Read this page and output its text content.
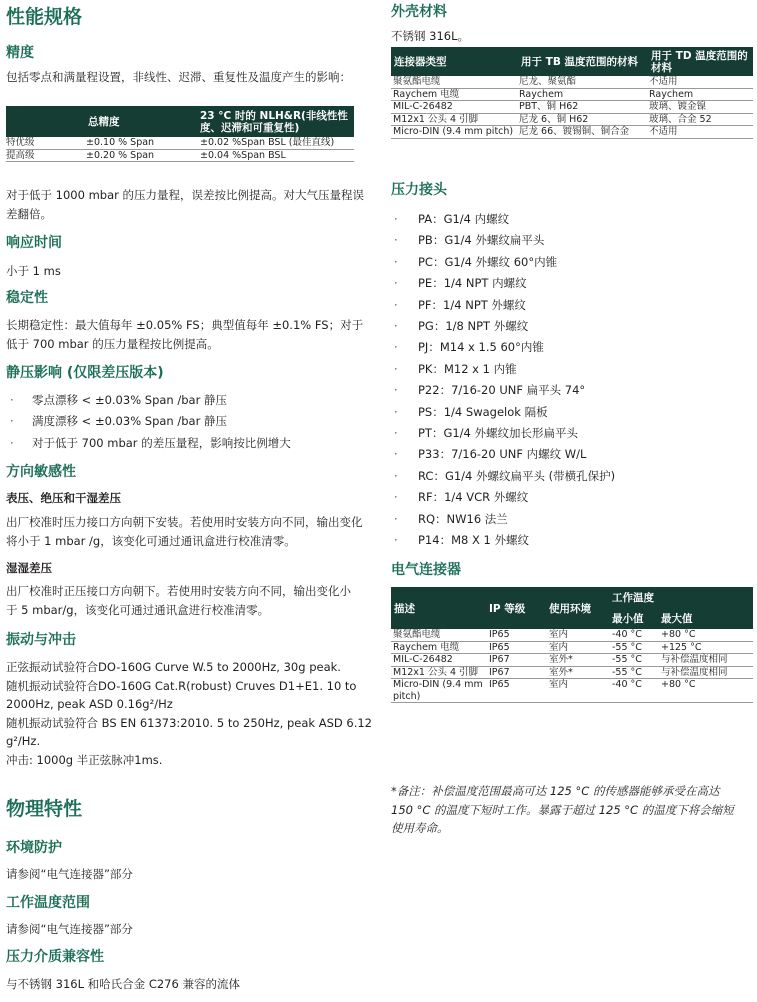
性能规格
精度
包括零点和满量程设置，非线性、迟滞、重复性及温度产生的影响：
	总精度	23 °C 时的 NLH&R(非线性性度、迟滞和可重复性)
特优级	±0.10 % Span	±0.02 %Span BSL (最佳直线)
提高级	±0.20 % Span	±0.04 %Span BSL
对于低于 1000 mbar 的压力量程，误差按比例提高。对大气压量程误差翻倍。
响应时间
小于 1 ms
稳定性
长期稳定性：最大值每年 ±0.05% FS；典型值每年 ±0.1% FS；对于低于 700 mbar 的压力量程按比例提高。
静压影响 (仅限差压版本)
· 零点漂移 < ±0.03% Span /bar 静压
· 满度漂移 < ±0.03% Span /bar 静压
· 对于低于 700 mbar 的差压量程，影响按比例增大
方向敏感性
表压、绝压和干湿差压
出厂校准时压力接口方向朝下安装。若使用时安装方向不同，输出变化将小于 1 mbar /g，该变化可通过通讯盒进行校准清零。
湿湿差压
出厂校准时正压接口方向朝下。若使用时安装方向不同，输出变化小于 5 mbar/g，该变化可通过通讯盒进行校准清零。
振动与冲击
正弦振动试验符合DO-160G Curve W.5 to 2000Hz, 30g peak.
随机振动试验符合DO-160G Cat.R(robust) Cruves D1+E1. 10 to 2000Hz, peak ASD 0.16g²/Hz
随机振动试验符合 BS EN 61373:2010. 5 to 250Hz, peak ASD 6.12 g²/Hz.
冲击: 1000g 半正弦脉冲1ms.
物理特性
环境防护
请参阅“电气连接器”部分
工作温度范围
请参阅“电气连接器”部分
压力介质兼容性
与不锈钢 316L 和哈氏合金 C276 兼容的流体
外壳材料
不锈钢 316L。
连接器类型	用于 TB 温度范围的材料	用于 TD 温度范围的材料
聚氨酯电缆	尼龙、聚氨酯	不适用
Raychem 电缆	Raychem	Raychem
MIL-C-26482	PBT、铜 H62	玻璃、镀金镍
M12x1 公头 4 引脚	尼龙 6、铜 H62	玻璃、合金 52
Micro-DIN (9.4 mm pitch)	尼龙 66、镀锡铜、铜合金	不适用
压力接头
· PA：G1/4 内螺纹
· PB：G1/4 外螺纹扁平头
· PC：G1/4 外螺纹 60°内锥
· PE：1/4 NPT 内螺纹
· PF：1/4 NPT 外螺纹
· PG：1/8 NPT 外螺纹
· PJ：M14 x 1.5 60°内锥
· PK：M12 x 1 内锥
· P22：7/16-20 UNF 扁平头 74°
· PS：1/4 Swagelok 隔板
· PT：G1/4 外螺纹加长形扁平头
· P33：7/16-20 UNF 内螺纹 W/L
· RC：G1/4 外螺纹扁平头 (带横孔保护)
· RF：1/4 VCR 外螺纹
· RQ：NW16 法兰
· P14：M8 X 1 外螺纹
电气连接器
描述	IP 等级	使用环境	工作温度	
			最小值	最大值
聚氨酯电缆	IP65	室内	-40 °C	+80 °C
Raychem 电缆	IP65	室内	-55 °C	+125 °C
MIL-C-26482	IP67	室外*	-55 °C	与补偿温度相同
M12x1 公头 4 引脚	IP67	室外*	-55 °C	与补偿温度相同
Micro-DIN (9.4 mm pitch)	IP65	室内	-40 °C	+80 °C
*备注：补偿温度范围最高可达 125 °C 的传感器能够承受在高达 150 °C 的温度下短时工作。暴露于超过 125 °C 的温度下将会缩短使用寿命。
